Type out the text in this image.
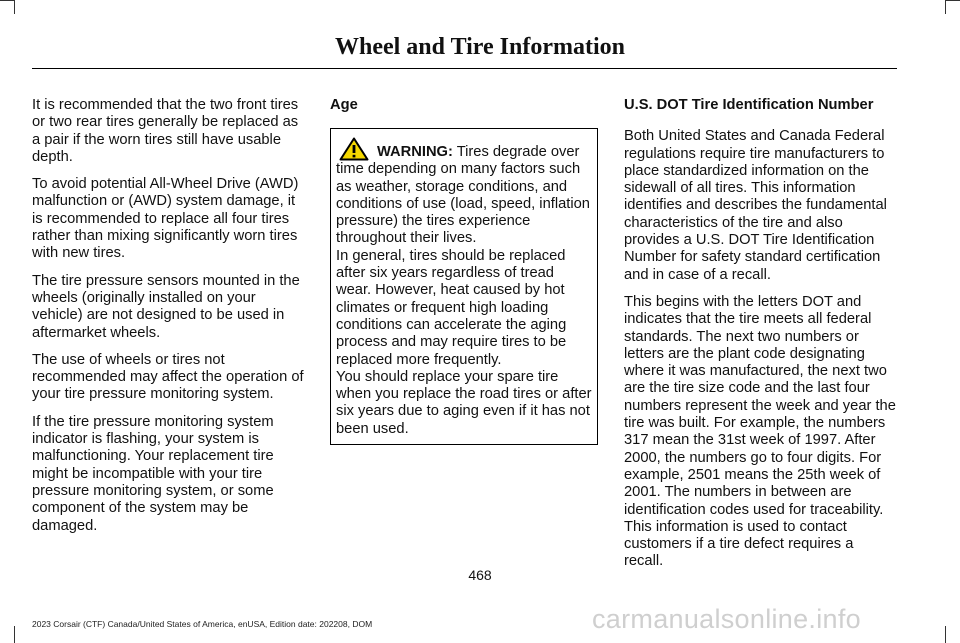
Wheel and Tire Information

It is recommended that the two front tires or two rear tires generally be replaced as a pair if the worn tires still have usable depth.

To avoid potential All-Wheel Drive (AWD) malfunction or (AWD) system damage, it is recommended to replace all four tires rather than mixing significantly worn tires with new tires.

The tire pressure sensors mounted in the wheels (originally installed on your vehicle) are not designed to be used in aftermarket wheels.

The use of wheels or tires not recommended may affect the operation of your tire pressure monitoring system.

If the tire pressure monitoring system indicator is flashing, your system is malfunctioning. Your replacement tire might be incompatible with your tire pressure monitoring system, or some component of the system may be damaged.

Age

WARNING: Tires degrade over
time depending on many factors such as weather, storage conditions, and conditions of use (load, speed, inflation pressure) the tires experience throughout their lives.

In general, tires should be replaced after six years regardless of tread wear. However, heat caused by hot climates or frequent high loading conditions can accelerate the aging process and may require tires to be replaced more frequently.

You should replace your spare tire when you replace the road tires or after six years due to aging even if it has not been used.

U.S. DOT Tire Identification Number

Both United States and Canada Federal regulations require tire manufacturers to place standardized information on the sidewall of all tires. This information identifies and describes the fundamental characteristics of the tire and also provides a U.S. DOT Tire Identification Number for safety standard certification and in case of a recall.

This begins with the letters DOT and indicates that the tire meets all federal standards. The next two numbers or letters are the plant code designating where it was manufactured, the next two are the tire size code and the last four numbers represent the week and year the tire was built. For example, the numbers 317 mean the 31st week of 1997. After 2000, the numbers go to four digits. For example, 2501 means the 25th week of 2001. The numbers in between are identification codes used for traceability. This information is used to contact customers if a tire defect requires a recall.

468
2023 Corsair (CTF) Canada/United States of America, enUSA, Edition date: 202208, DOM	carmanualsonline.info
